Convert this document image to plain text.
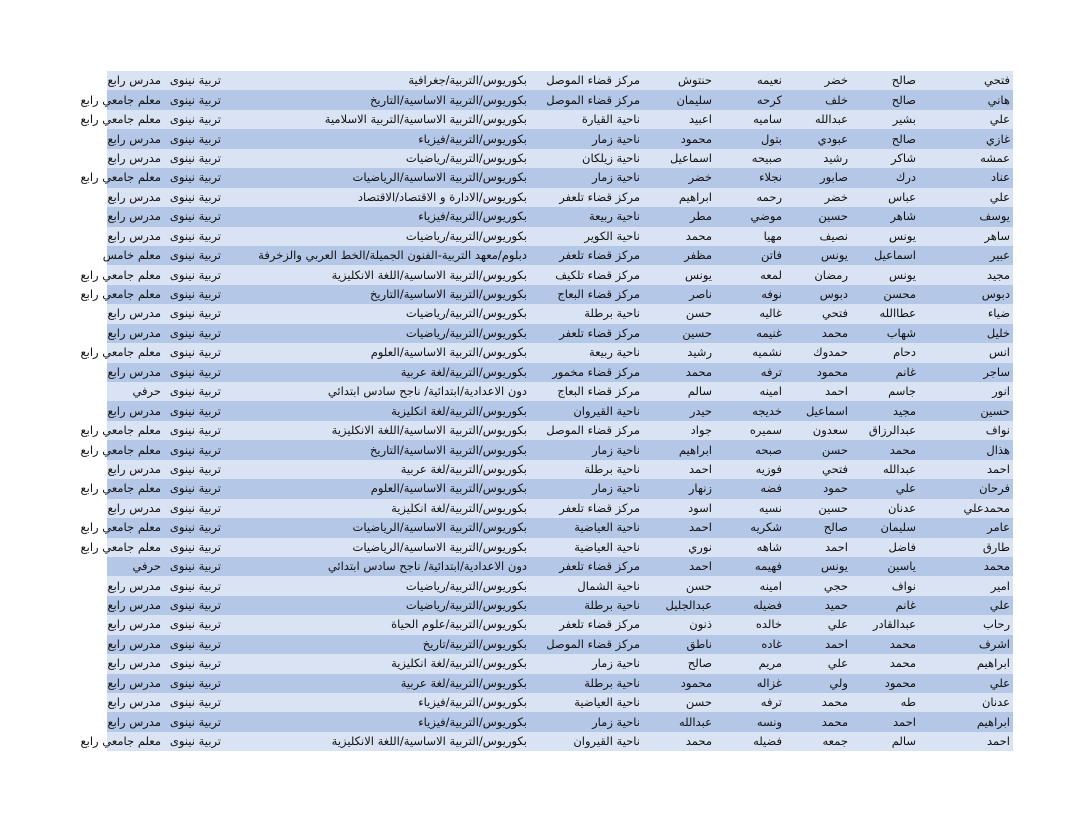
فتحي	صالح	خضر	نعيمه	حنتوش	مركز قضاء الموصل	بكوريوس/التربية/جغرافية	تربية نينوى	مدرس رابع
هاني	صالح	خلف	كرحه	سليمان	مركز قضاء الموصل	بكوريوس/التربية الاساسية/التاريخ	تربية نينوى	معلم جامعي رابع
علي	بشير	عبدالله	ساميه	اعبيد	ناحية القيارة	بكوريوس/التربية الاساسية/التربية الاسلامية	تربية نينوى	معلم جامعي رابع
غازي	صالح	عبودي	بتول	محمود	ناحية زمار	بكوريوس/التربية/فيزياء	تربية نينوى	مدرس رابع
عمشه	شاكر	رشيد	صبيحه	اسماعيل	ناحية زيلكان	بكوريوس/التربية/رياضيات	تربية نينوى	مدرس رابع
عناد	درك	صابور	نجلاء	خضر	ناحية زمار	بكوريوس/التربية الاساسية/الرياضيات	تربية نينوى	معلم جامعي رابع
علي	عباس	خضر	رحمه	ابراهيم	مركز قضاء تلعفر	بكوريوس/الادارة و الاقتصاد/الاقتصاد	تربية نينوى	مدرس رابع
يوسف	شاهر	حسين	موضي	مطر	ناحية ربيعة	بكوريوس/التربية/فيزياء	تربية نينوى	مدرس رابع
ساهر	يونس	نصيف	مهيا	محمد	ناحية الكوير	بكوريوس/التربية/رياضيات	تربية نينوى	مدرس رابع
عبير	اسماعيل	يونس	فاتن	مظفر	مركز قضاء تلعفر	دبلوم/معهد التربية-الفنون الجميلة/الخط العربي والزخرفة	تربية نينوى	معلم خامس
مجيد	يونس	رمضان	لمعه	يونس	مركز قضاء تلكيف	بكوريوس/التربية الاساسية/اللغة الانكليزية	تربية نينوى	معلم جامعي رابع
دبوس	محسن	دبوس	نوفه	ناصر	مركز قضاء البعاج	بكوريوس/التربية الاساسية/التاريخ	تربية نينوى	معلم جامعي رابع
ضياء	عطاالله	فتحي	غاليه	حسن	ناحية برطلة	بكوريوس/التربية/رياضيات	تربية نينوى	مدرس رابع
خليل	شهاب	محمد	غنيمه	حسين	مركز قضاء تلعفر	بكوريوس/التربية/رياضيات	تربية نينوى	مدرس رابع
انس	دحام	حمدوك	نشميه	رشيد	ناحية ربيعة	بكوريوس/التربية الاساسية/العلوم	تربية نينوى	معلم جامعي رابع
ساجر	غانم	محمود	ترفه	محمد	مركز قضاء مخمور	بكوريوس/التربية/لغة عربية	تربية نينوى	مدرس رابع
انور	جاسم	احمد	امينه	سالم	مركز قضاء البعاج	دون الاعدادية/ابتدائية/ ناجح سادس ابتدائي	تربية نينوى	حرفي
حسين	مجيد	اسماعيل	خديجه	حيدر	ناحية القيروان	بكوريوس/التربية/لغة انكليزية	تربية نينوى	مدرس رابع
نواف	عبدالرزاق	سعدون	سميره	جواد	مركز قضاء الموصل	بكوريوس/التربية الاساسية/اللغة الانكليزية	تربية نينوى	معلم جامعي رابع
هذال	محمد	حسن	صبحه	ابراهيم	ناحية زمار	بكوريوس/التربية الاساسية/التاريخ	تربية نينوى	معلم جامعي رابع
احمد	عبدالله	فتحي	فوزيه	احمد	ناحية برطلة	بكوريوس/التربية/لغة عربية	تربية نينوى	مدرس رابع
فرحان	علي	حمود	فضه	زنهار	ناحية زمار	بكوريوس/التربية الاساسية/العلوم	تربية نينوى	معلم جامعي رابع
محمدعلي	عدنان	حسين	نسيه	اسود	مركز قضاء تلعفر	بكوريوس/التربية/لغة انكليزية	تربية نينوى	مدرس رابع
عامر	سليمان	صالح	شكريه	احمد	ناحية العياضية	بكوريوس/التربية الاساسية/الرياضيات	تربية نينوى	معلم جامعي رابع
طارق	فاضل	احمد	شاهه	نوري	ناحية العياضية	بكوريوس/التربية الاساسية/الرياضيات	تربية نينوى	معلم جامعي رابع
محمد	ياسين	يونس	فهيمه	احمد	مركز قضاء تلعفر	دون الاعدادية/ابتدائية/ ناجح سادس ابتدائي	تربية نينوى	حرفي
امير	نواف	حجي	امينه	حسن	ناحية الشمال	بكوريوس/التربية/رياضيات	تربية نينوى	مدرس رابع
علي	غانم	حميد	فضيله	عبدالجليل	ناحية برطلة	بكوريوس/التربية/رياضيات	تربية نينوى	مدرس رابع
رحاب	عبدالقادر	علي	خالده	ذنون	مركز قضاء تلعفر	بكوريوس/التربية/علوم الحياة	تربية نينوى	مدرس رابع
اشرف	محمد	احمد	غاده	ناطق	مركز قضاء الموصل	بكوريوس/التربية/تاريخ	تربية نينوى	مدرس رابع
ابراهيم	محمد	علي	مريم	صالح	ناحية زمار	بكوريوس/التربية/لغة انكليزية	تربية نينوى	مدرس رابع
علي	محمود	ولي	غزاله	محمود	ناحية برطلة	بكوريوس/التربية/لغة عربية	تربية نينوى	مدرس رابع
عدنان	طه	محمد	ترفه	حسن	ناحية العياضية	بكوريوس/التربية/فيزياء	تربية نينوى	مدرس رابع
ابراهيم	احمد	محمد	ونسه	عبدالله	ناحية زمار	بكوريوس/التربية/فيزياء	تربية نينوى	مدرس رابع
احمد	سالم	جمعه	فضيله	محمد	ناحية القيروان	بكوريوس/التربية الاساسية/اللغة الانكليزية	تربية نينوى	معلم جامعي رابع
